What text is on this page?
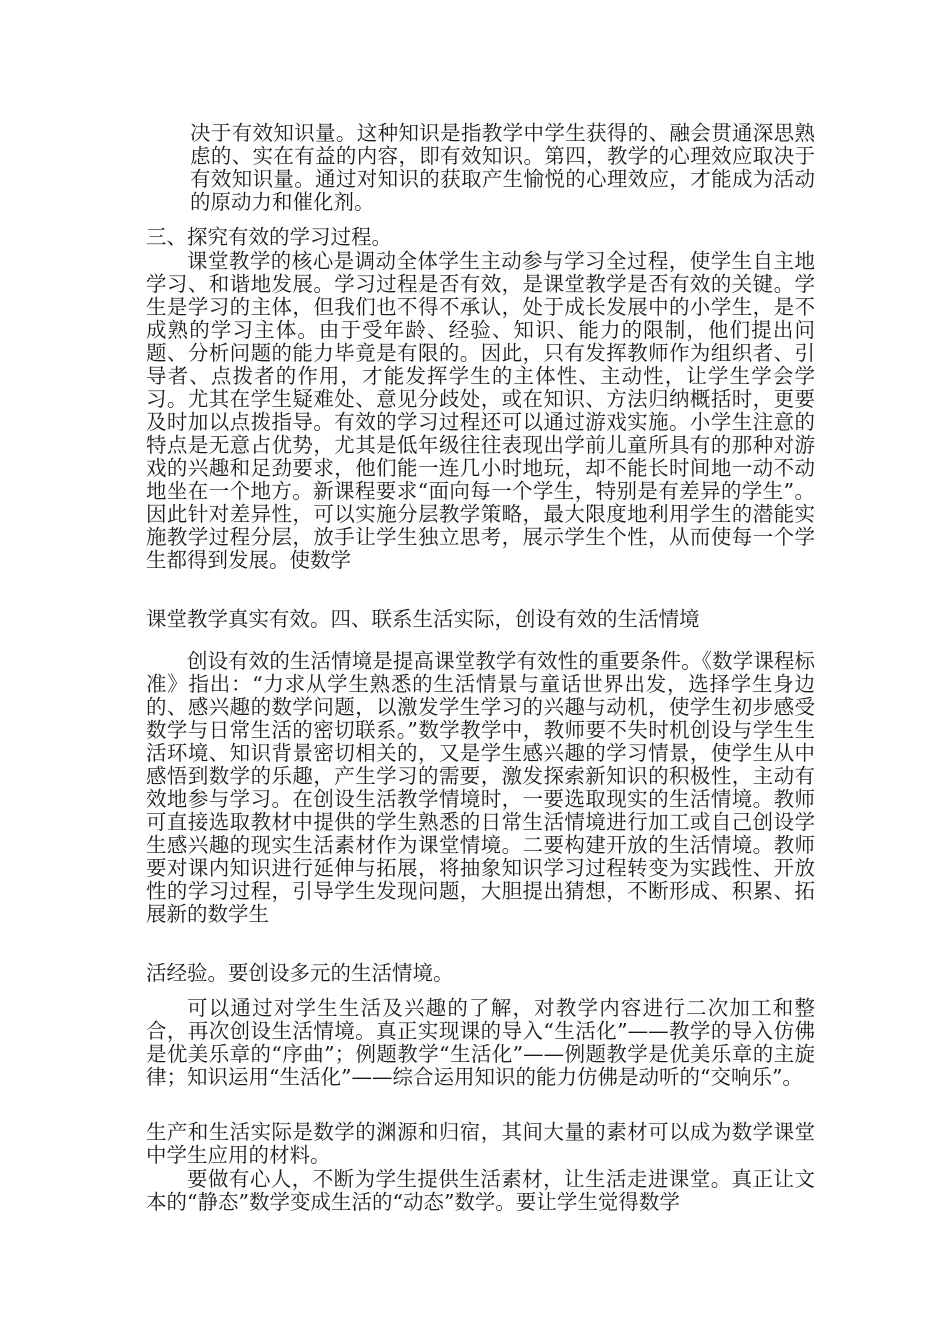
决于有效知识量。这种知识是指教学中学生获得的、融会贯通深思熟虑的、实在有益的内容，即有效知识。第四，教学的心理效应取决于有效知识量。通过对知识的获取产生愉悦的心理效应，才能成为活动的原动力和催化剂。

三、探究有效的学习过程。

课堂教学的核心是调动全体学生主动参与学习全过程，使学生自主地学习、和谐地发展。学习过程是否有效，是课堂教学是否有效的关键。学生是学习的主体，但我们也不得不承认，处于成长发展中的小学生，是不成熟的学习主体。由于受年龄、经验、知识、能力的限制，他们提出问题、分析问题的能力毕竟是有限的。因此，只有发挥教师作为组织者、引导者、点拨者的作用，才能发挥学生的主体性、主动性，让学生学会学习。尤其在学生疑难处、意见分歧处，或在知识、方法归纳概括时，更要及时加以点拨指导。有效的学习过程还可以通过游戏实施。小学生注意的特点是无意占优势，尤其是低年级往往表现出学前儿童所具有的那种对游戏的兴趣和足劲要求，他们能一连几小时地玩，却不能长时间地一动不动地坐在一个地方。新课程要求“面向每一个学生，特别是有差异的学生”。因此针对差异性，可以实施分层教学策略，最大限度地利用学生的潜能实施教学过程分层，放手让学生独立思考，展示学生个性，从而使每一个学生都得到发展。使数学

课堂教学真实有效。四、联系生活实际，创设有效的生活情境

创设有效的生活情境是提高课堂教学有效性的重要条件。《数学课程标准》指出：“力求从学生熟悉的生活情景与童话世界出发，选择学生身边的、感兴趣的数学问题，以激发学生学习的兴趣与动机，使学生初步感受数学与日常生活的密切联系。”数学教学中，教师要不失时机创设与学生生活环境、知识背景密切相关的，又是学生感兴趣的学习情景，使学生从中感悟到数学的乐趣，产生学习的需要，激发探索新知识的积极性，主动有效地参与学习。在创设生活教学情境时，一要选取现实的生活情境。教师可直接选取教材中提供的学生熟悉的日常生活情境进行加工或自己创设学生感兴趣的现实生活素材作为课堂情境。二要构建开放的生活情境。教师要对课内知识进行延伸与拓展，将抽象知识学习过程转变为实践性、开放性的学习过程，引导学生发现问题，大胆提出猜想，不断形成、积累、拓展新的数学生

活经验。要创设多元的生活情境。

可以通过对学生生活及兴趣的了解，对教学内容进行二次加工和整合，再次创设生活情境。真正实现课的导入“生活化”——教学的导入仿佛是优美乐章的“序曲”；例题教学“生活化”——例题教学是优美乐章的主旋律；知识运用“生活化”——综合运用知识的能力仿佛是动听的“交响乐”。

生产和生活实际是数学的渊源和归宿，其间大量的素材可以成为数学课堂中学生应用的材料。

要做有心人，不断为学生提供生活素材，让生活走进课堂。真正让文本的“静态”数学变成生活的“动态”数学。要让学生觉得数学
